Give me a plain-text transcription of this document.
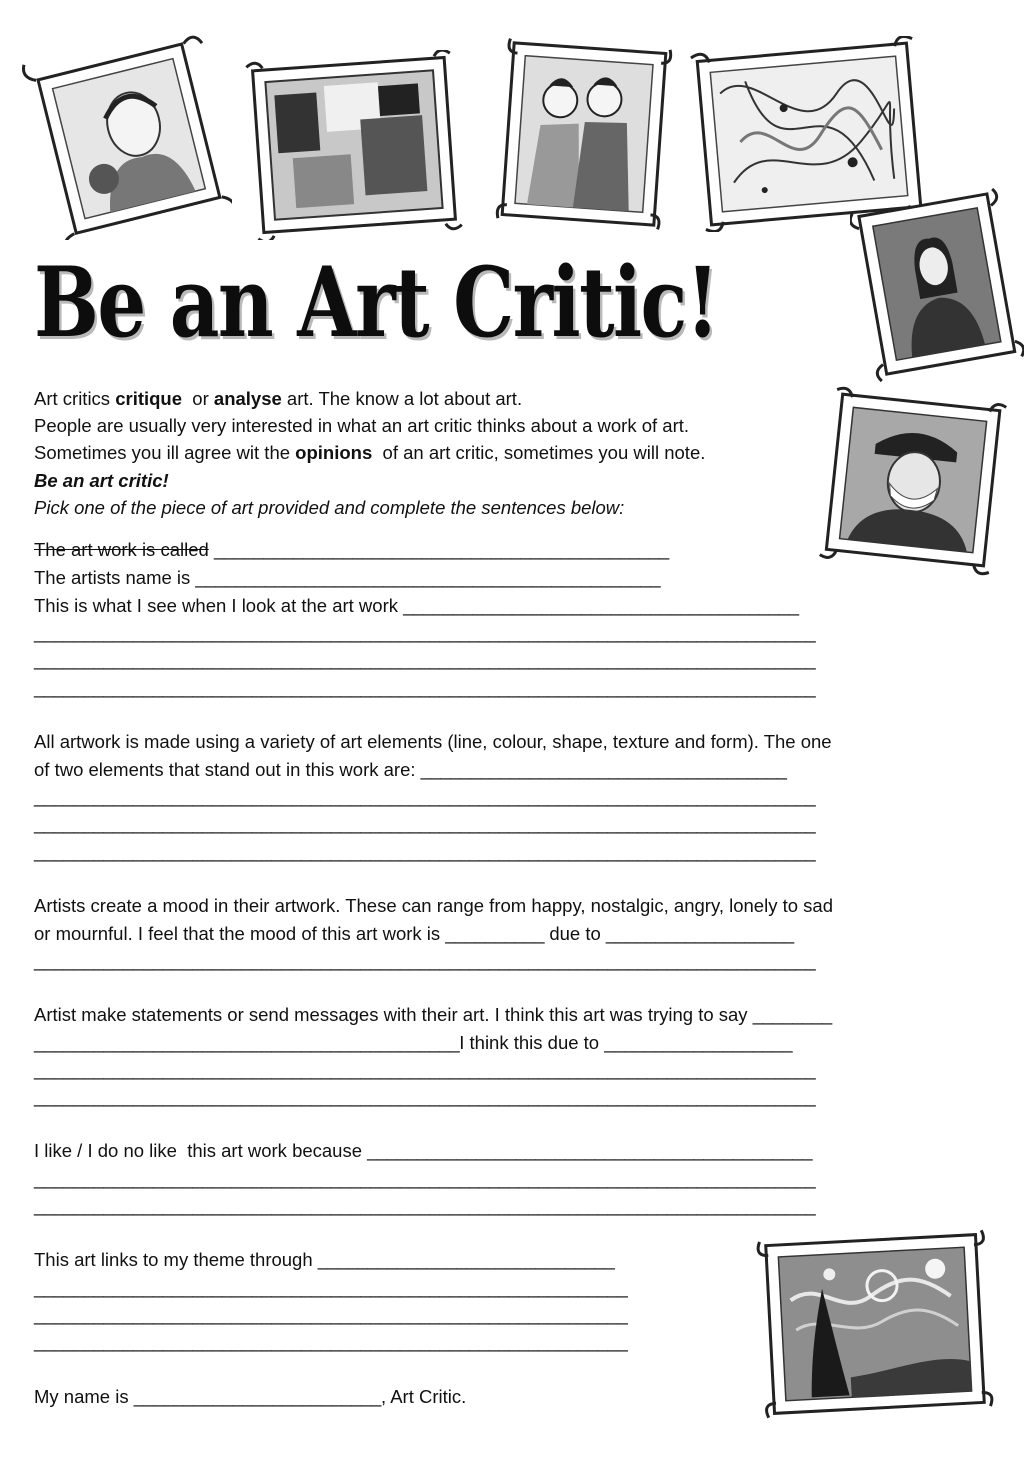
Be an Art Critic!
Art critics critique  or analyse art. The know a lot about art.
People are usually very interested in what an art critic thinks about a work of art.
Sometimes you ill agree wit the opinions  of an art critic, sometimes you will note.
Be an art critic!
Pick one of the piece of art provided and complete the sentences below:
The art work is called ______________________________________________
The artists name is _______________________________________________
This is what I see when I look at the art work ________________________________________
_______________________________________________________________________________
_______________________________________________________________________________
_______________________________________________________________________________
All artwork is made using a variety of art elements (line, colour, shape, texture and form). The one
of two elements that stand out in this work are: _____________________________________
_______________________________________________________________________________
_______________________________________________________________________________
_______________________________________________________________________________
Artists create a mood in their artwork. These can range from happy, nostalgic, angry, lonely to sad
or mournful. I feel that the mood of this art work is __________ due to ___________________
_______________________________________________________________________________
Artist make statements or send messages with their art. I think this art was trying to say ________
___________________________________________I think this due to ___________________
_______________________________________________________________________________
_______________________________________________________________________________
I like / I do no like  this art work because _____________________________________________
_______________________________________________________________________________
_______________________________________________________________________________
This art links to my theme through ______________________________
____________________________________________________________
____________________________________________________________
____________________________________________________________
My name is _________________________, Art Critic.
